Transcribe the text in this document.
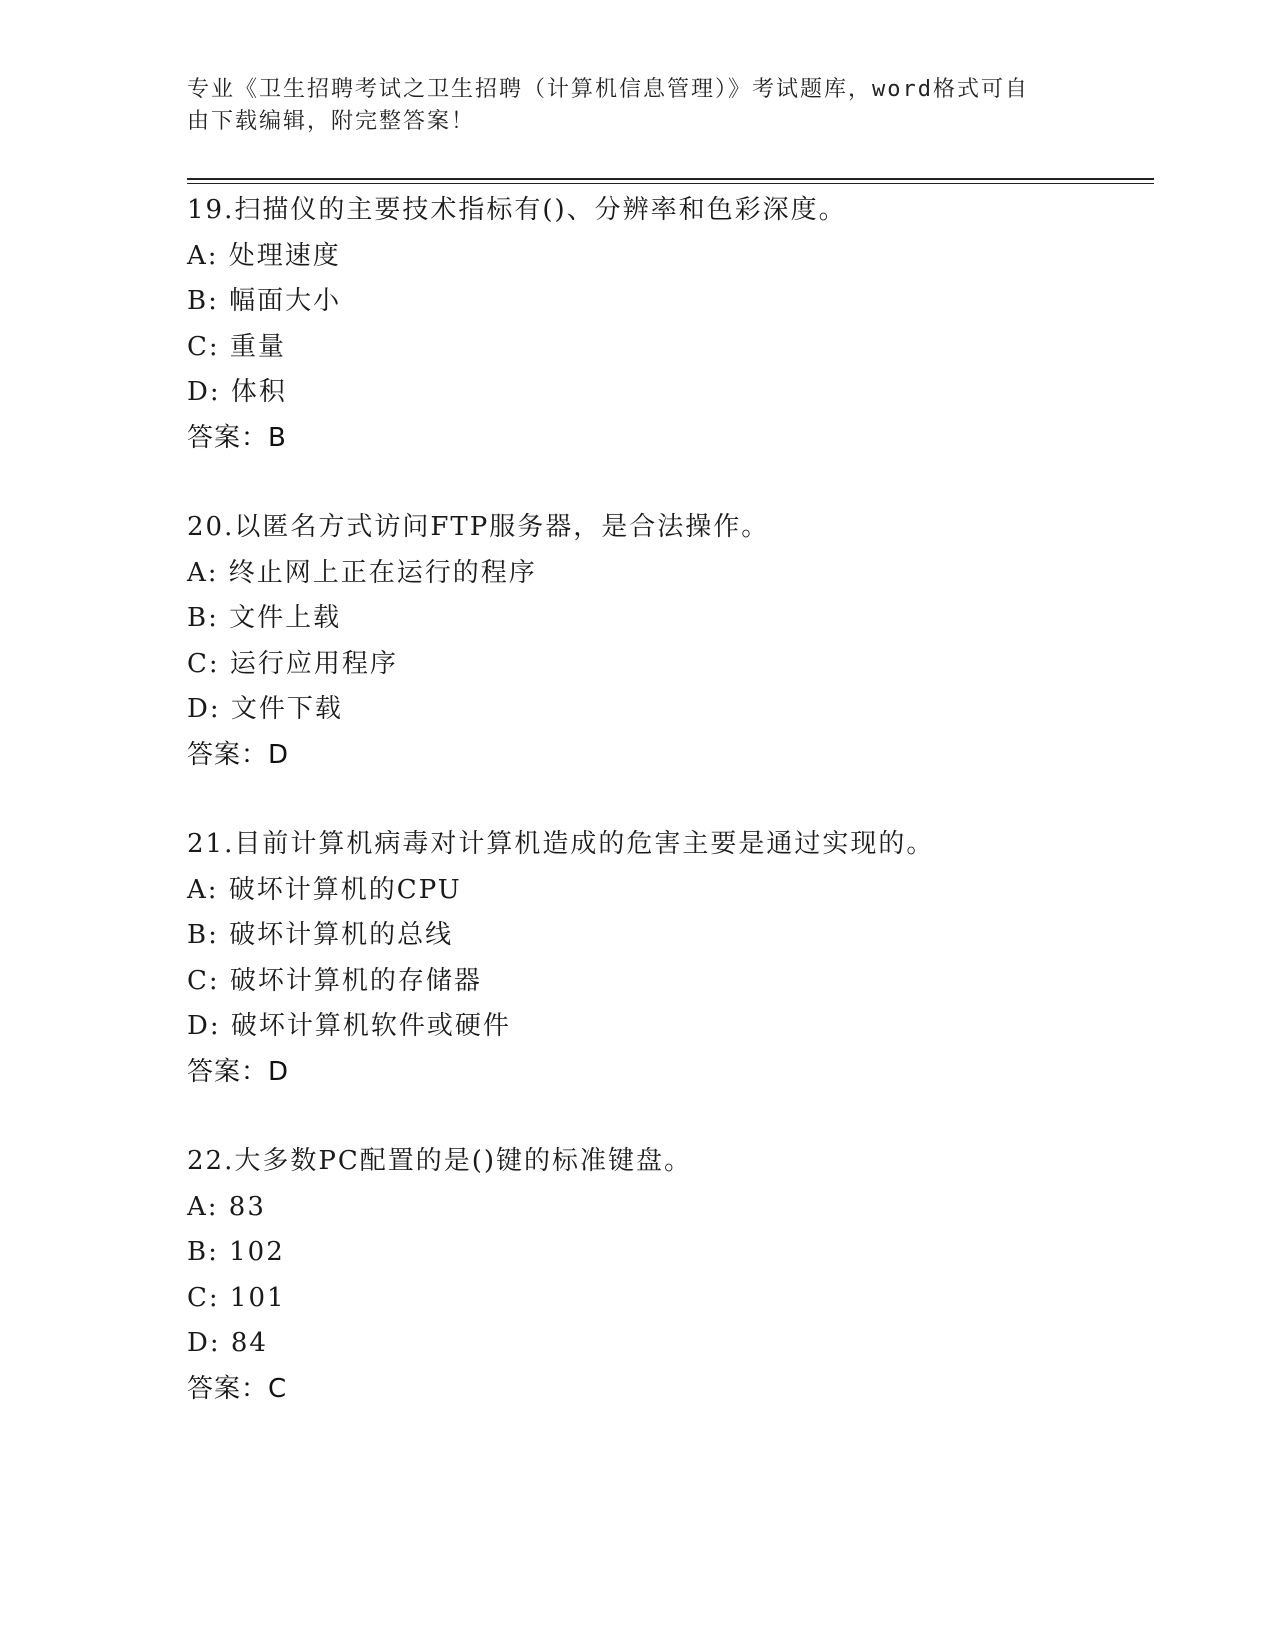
专业《卫生招聘考试之卫生招聘（计算机信息管理）》考试题库，word格式可自
由下载编辑，附完整答案！
19.扫描仪的主要技术指标有()、分辨率和色彩深度。
A: 处理速度
B: 幅面大小
C: 重量
D: 体积
答案：B
20.以匿名方式访问FTP服务器，是合法操作。
A: 终止网上正在运行的程序
B: 文件上载
C: 运行应用程序
D: 文件下载
答案：D
21.目前计算机病毒对计算机造成的危害主要是通过实现的。
A: 破坏计算机的CPU
B: 破坏计算机的总线
C: 破坏计算机的存储器
D: 破坏计算机软件或硬件
答案：D
22.大多数PC配置的是()键的标准键盘。
A: 83
B: 102
C: 101
D: 84
答案：C
